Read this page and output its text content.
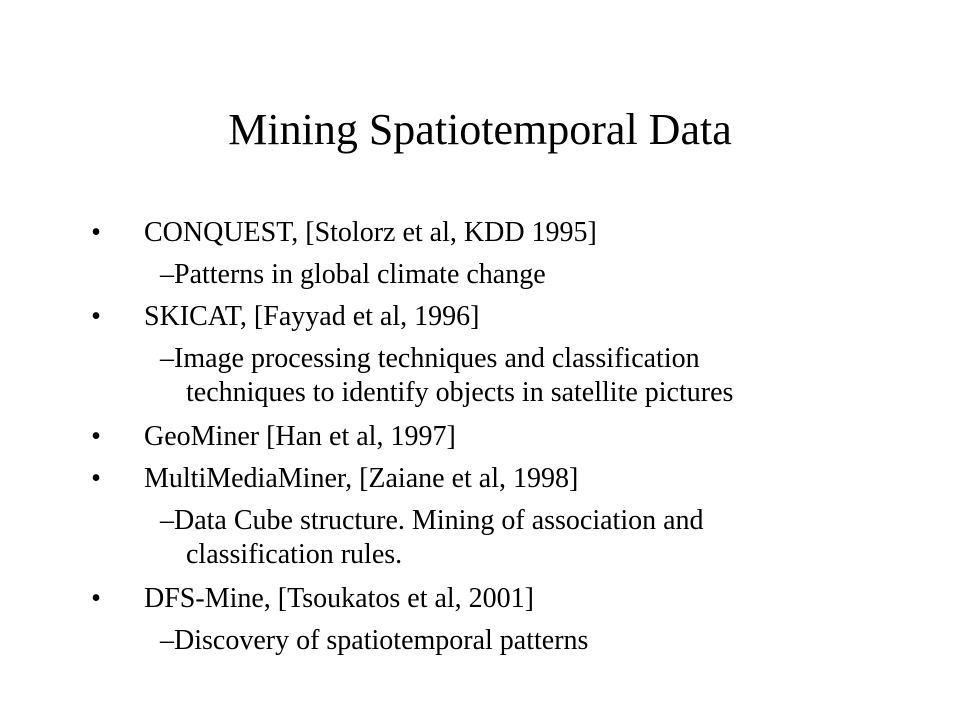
Mining Spatiotemporal Data
• CONQUEST, [Stolorz et al, KDD 1995]
–Patterns in global climate change
• SKICAT, [Fayyad et al, 1996]
–Image processing techniques and classification
techniques to identify objects in satellite pictures
• GeoMiner [Han et al, 1997]
• MultiMediaMiner, [Zaiane et al, 1998]
–Data Cube structure. Mining of association and
classification rules.
• DFS-Mine, [Tsoukatos et al, 2001]
–Discovery of spatiotemporal patterns
